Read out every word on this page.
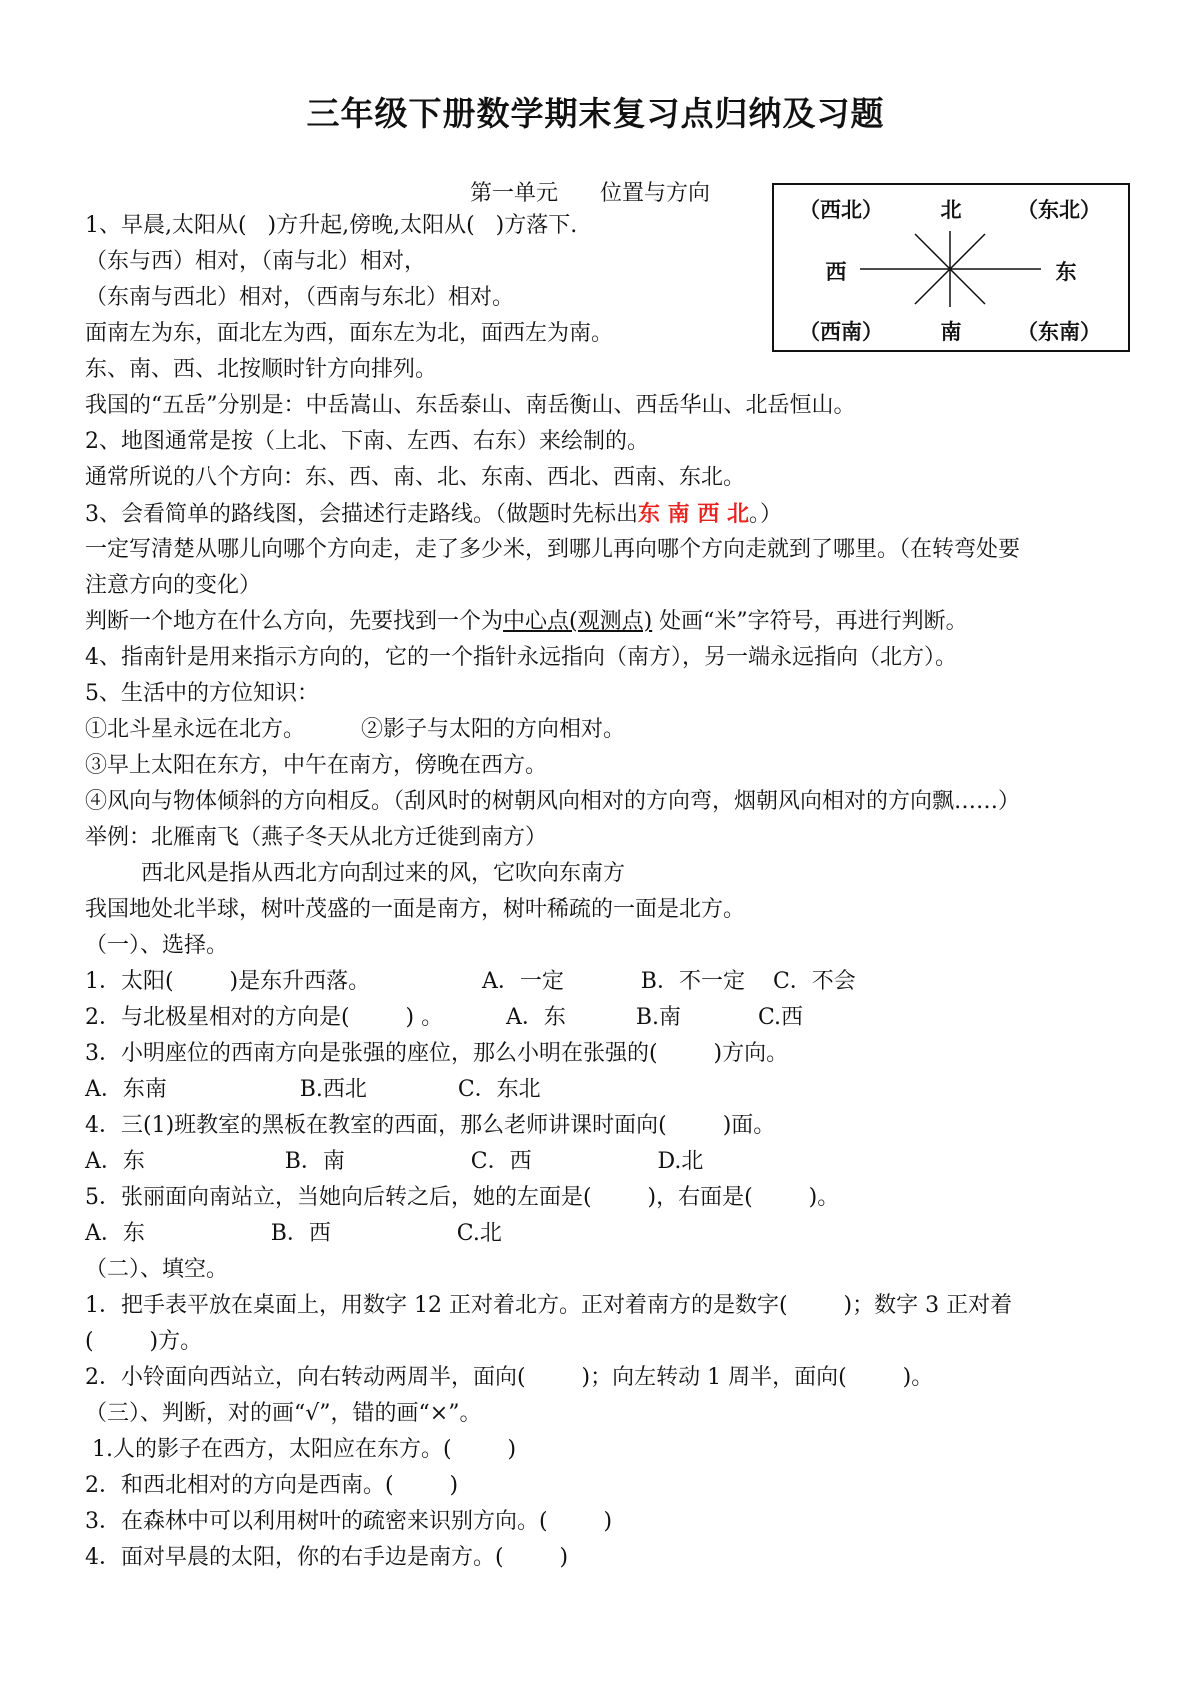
三年级下册数学期末复习点归纳及习题
第一单元      位置与方向
（西北）	北	（东北）
西	东
（西南）	南	（东南）
1、早晨,太阳从(   )方升起,傍晚,太阳从(   )方落下.
（东与西）相对，（南与北）相对，
（东南与西北）相对，（西南与东北）相对。
面南左为东，面北左为西，面东左为北，面西左为南。
东、南、西、北按顺时针方向排列。
我国的“五岳”分别是：中岳嵩山、东岳泰山、南岳衡山、西岳华山、北岳恒山。
2、地图通常是按（上北、下南、左西、右东）来绘制的。
通常所说的八个方向：东、西、南、北、东南、西北、西南、东北。
3、会看简单的路线图，会描述行走路线。（做题时先标出东 南 西 北。）
一定写清楚从哪儿向哪个方向走，走了多少米，到哪儿再向哪个方向走就到了哪里。（在转弯处要
注意方向的变化）
判断一个地方在什么方向，先要找到一个为中心点(观测点) 处画“米”字符号，再进行判断。
4、指南针是用来指示方向的，它的一个指针永远指向（南方），另一端永远指向（北方）。
5、生活中的方位知识：
①北斗星永远在北方。        ②影子与太阳的方向相对。
③早上太阳在东方，中午在南方，傍晚在西方。
④风向与物体倾斜的方向相反。（刮风时的树朝风向相对的方向弯，烟朝风向相对的方向飘……）
举例：北雁南飞（燕子冬天从北方迁徙到南方）
西北风是指从西北方向刮过来的风，它吹向东南方
我国地处北半球，树叶茂盛的一面是南方，树叶稀疏的一面是北方。
（一）、选择。
1．太阳(        )是东升西落。                A．一定           B．不一定    C．不会
2．与北极星相对的方向是(        ) 。         A．东          B.南           C.西
3．小明座位的西南方向是张强的座位，那么小明在张强的(        )方向。
A．东南                   B.西北             C．东北
4．三(1)班教室的黑板在教室的西面，那么老师讲课时面向(        )面。
A．东                    B．南                  C．西                  D.北
5．张丽面向南站立，当她向后转之后，她的左面是(        )，右面是(        )。
A．东                  B．西                  C.北
（二）、填空。
1．把手表平放在桌面上，用数字 12 正对着北方。正对着南方的是数字(        )；数字 3 正对着
(        )方。
2．小铃面向西站立，向右转动两周半，面向(        )；向左转动 1 周半，面向(        )。
（三）、判断，对的画“√”，错的画“×”。
1.人的影子在西方，太阳应在东方。(        )
2．和西北相对的方向是西南。(        )
3．在森林中可以利用树叶的疏密来识别方向。(        )
4．面对早晨的太阳，你的右手边是南方。(        )
